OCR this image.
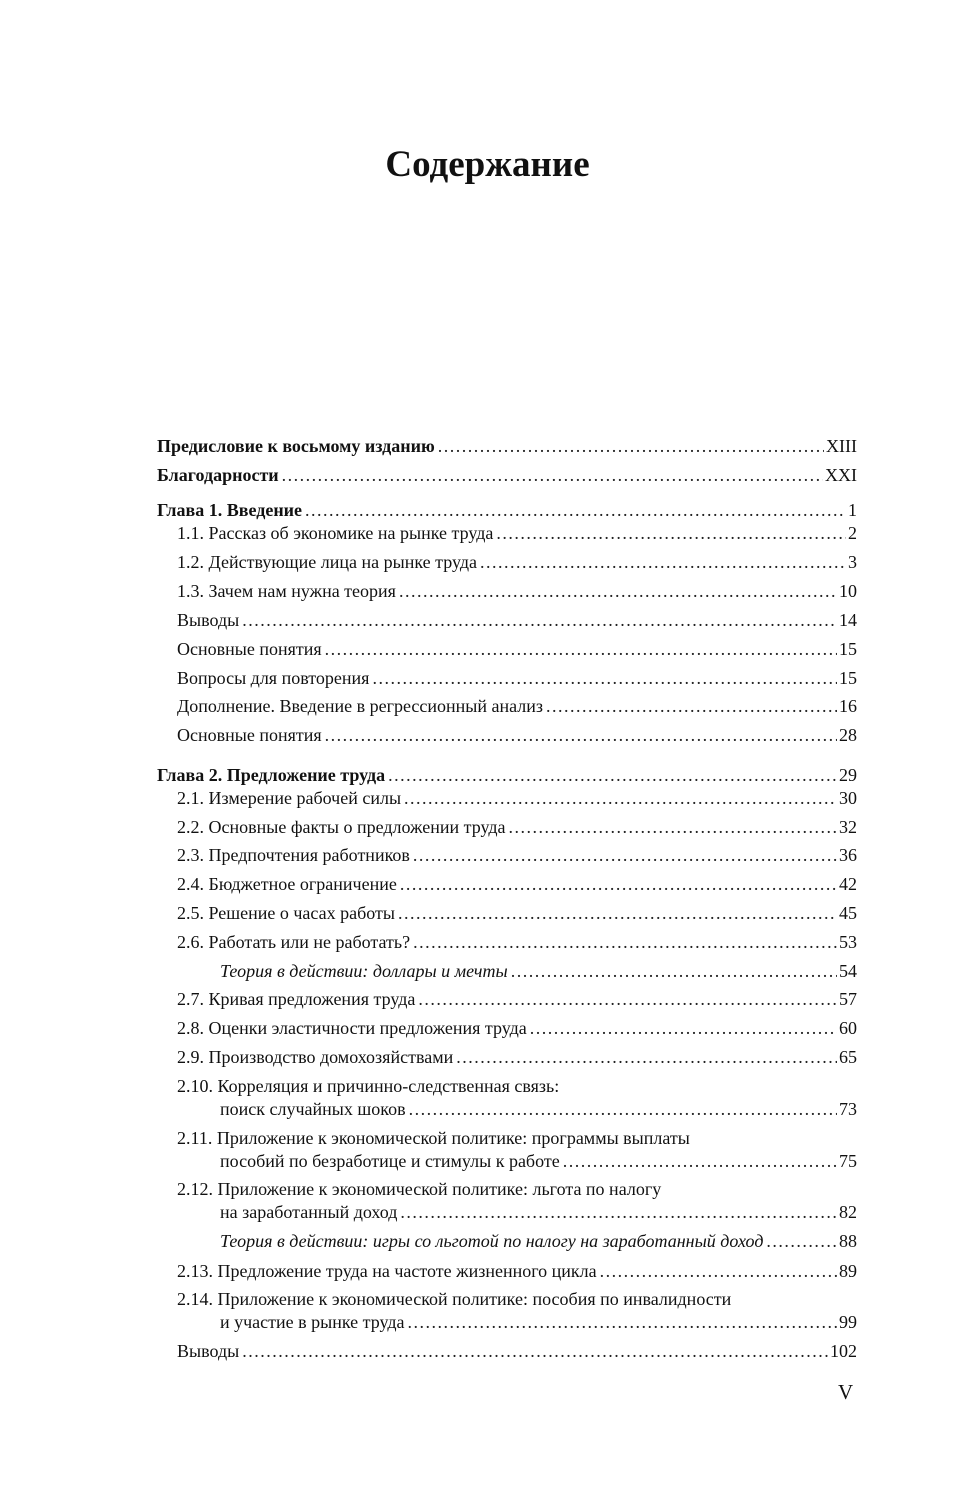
Содержание
Предисловие к восьмому изданию . . .	XIII
Благодарности . . .	XXI
Глава 1. Введение . . .	1
1.1. Рассказ об экономике на рынке труда . . .	2
1.2. Действующие лица на рынке труда . . .	3
1.3. Зачем нам нужна теория . . .	10
Выводы . . .	14
Основные понятия . . .	15
Вопросы для повторения . . .	15
Дополнение. Введение в регрессионный анализ . . .	16
Основные понятия . . .	28
Глава 2. Предложение труда . . .	29
2.1. Измерение рабочей силы . . .	30
2.2. Основные факты о предложении труда . . .	32
2.3. Предпочтения работников . . .	36
2.4. Бюджетное ограничение . . .	42
2.5. Решение о часах работы . . .	45
2.6. Работать или не работать? . . .	53
Теория в действии: доллары и мечты . . .	54
2.7. Кривая предложения труда . . .	57
2.8. Оценки эластичности предложения труда . . .	60
2.9. Производство домохозяйствами . . .	65
2.10. Корреляция и причинно-следственная связь:
поиск случайных шоков . . .	73
2.11. Приложение к экономической политике: программы выплаты
пособий по безработице и стимулы к работе . . .	75
2.12. Приложение к экономической политике: льгота по налогу
на заработанный доход . . .	82
Теория в действии: игры со льготой по налогу на заработанный доход . . .	88
2.13. Предложение труда на частоте жизненного цикла . . .	89
2.14. Приложение к экономической политике: пособия по инвалидности
и участие в рынке труда . . .	99
Выводы . . .	102
V
